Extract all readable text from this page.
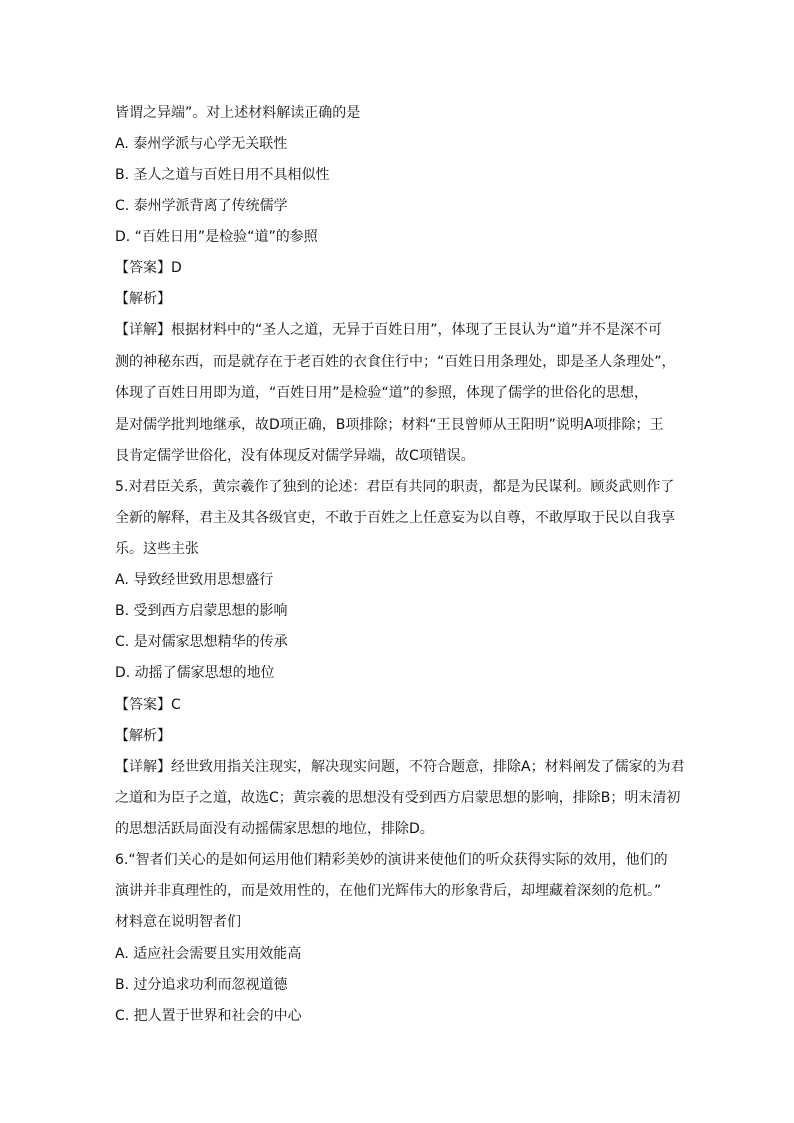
皆谓之异端”。对上述材料解读正确的是
A. 泰州学派与心学无关联性
B. 圣人之道与百姓日用不具相似性
C. 泰州学派背离了传统儒学
D. “百姓日用”是检验“道”的参照
【答案】D
【解析】
【详解】根据材料中的“圣人之道，无异于百姓日用”，体现了王艮认为“道”并不是深不可
测的神秘东西，而是就存在于老百姓的衣食住行中；“百姓日用条理处，即是圣人条理处”，
体现了百姓日用即为道，“百姓日用”是检验“道”的参照，体现了儒学的世俗化的思想，
是对儒学批判地继承，故D项正确，B项排除；材料“王艮曾师从王阳明”说明A项排除；王
艮肯定儒学世俗化，没有体现反对儒学异端，故C项错误。
5.对君臣关系，黄宗羲作了独到的论述：君臣有共同的职责，都是为民谋利。顾炎武则作了
全新的解释，君主及其各级官吏，不敢于百姓之上任意妄为以自尊，不敢厚取于民以自我享
乐。这些主张
A. 导致经世致用思想盛行
B. 受到西方启蒙思想的影响
C. 是对儒家思想精华的传承
D. 动摇了儒家思想的地位
【答案】C
【解析】
【详解】经世致用指关注现实，解决现实问题，不符合题意，排除A；材料阐发了儒家的为君
之道和为臣子之道，故选C；黄宗羲的思想没有受到西方启蒙思想的影响，排除B；明末清初
的思想活跃局面没有动摇儒家思想的地位，排除D。
6.“智者们关心的是如何运用他们精彩美妙的演讲来使他们的听众获得实际的效用，他们的
演讲并非真理性的，而是效用性的，在他们光辉伟大的形象背后，却埋藏着深刻的危机。”
材料意在说明智者们
A. 适应社会需要且实用效能高
B. 过分追求功利而忽视道德
C. 把人置于世界和社会的中心
